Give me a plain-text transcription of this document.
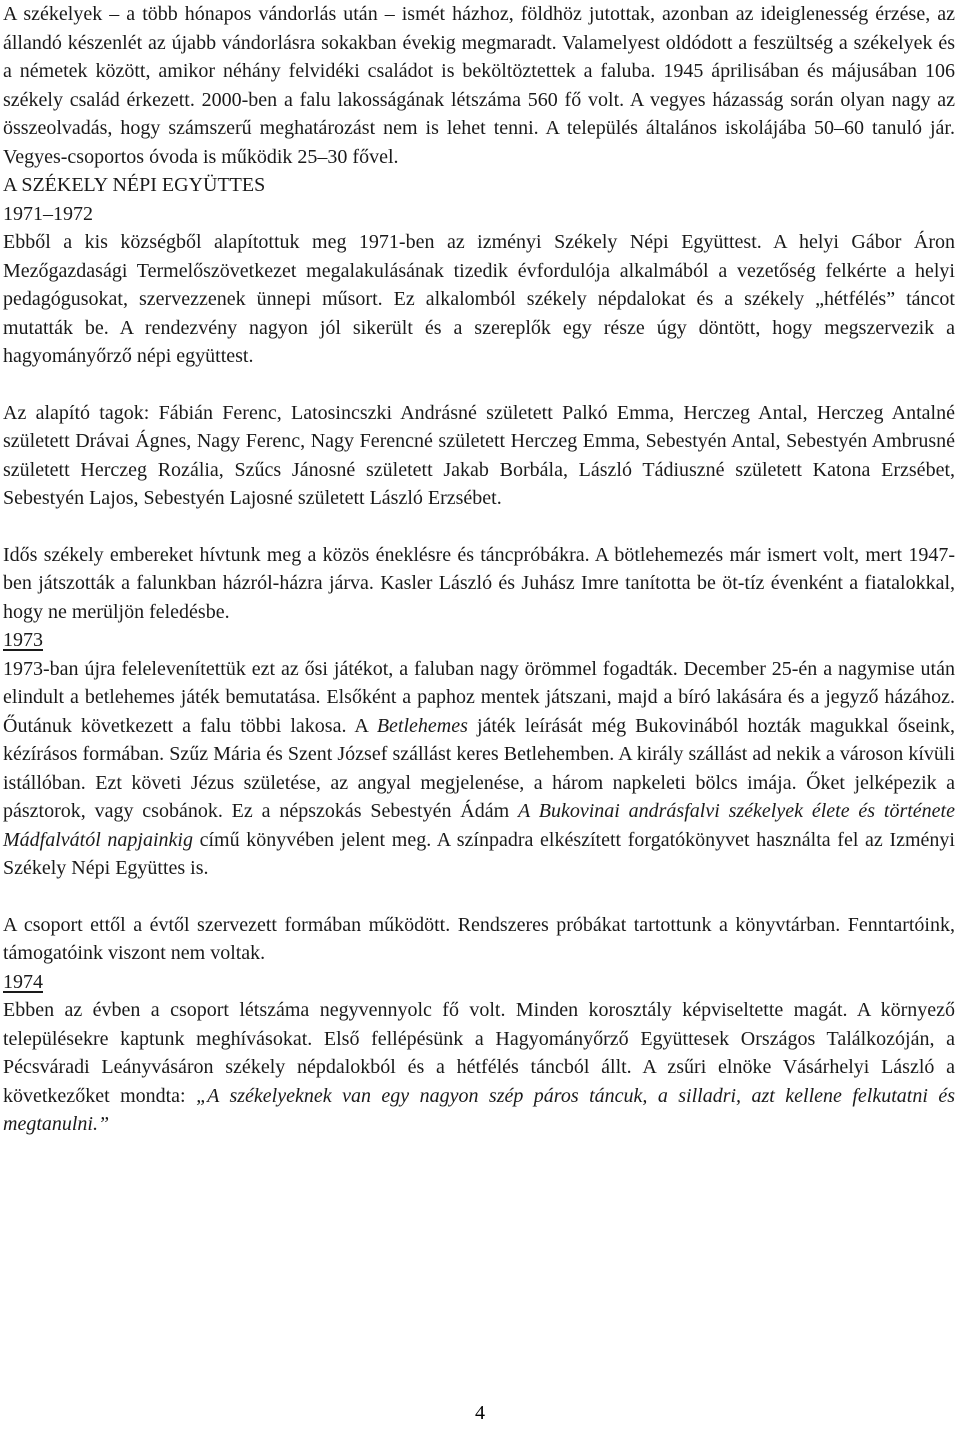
A székelyek – a több hónapos vándorlás után – ismét házhoz, földhöz jutottak, azonban az ideiglenesség érzése, az állandó készenlét az újabb vándorlásra sokakban évekig megmaradt. Valamelyest oldódott a feszültség a székelyek és a németek között, amikor néhány felvidéki családot is beköltöztettek a faluba. 1945 áprilisában és májusában 106 székely család érkezett. 2000-ben a falu lakosságának létszáma 560 fő volt. A vegyes házasság során olyan nagy az összeolvadás, hogy számszerű meghatározást nem is lehet tenni. A település általános iskolájába 50–60 tanuló jár. Vegyes-csoportos óvoda is működik 25–30 fővel.

A SZÉKELY NÉPI EGYÜTTES

1971–1972

Ebből a kis községből alapítottuk meg 1971-ben az izményi Székely Népi Együttest. A helyi Gábor Áron Mezőgazdasági Termelőszövetkezet megalakulásának tizedik évfordulója alkalmából a vezetőség felkérte a helyi pedagógusokat, szervezzenek ünnepi műsort. Ez alkalomból székely népdalokat és a székely „hétfélés” táncot mutatták be. A rendezvény nagyon jól sikerült és a szereplők egy része úgy döntött, hogy megszervezik a hagyományőrző népi együttest.

Az alapító tagok: Fábián Ferenc, Latosincszki Andrásné született Palkó Emma, Herczeg Antal, Herczeg Antalné született Drávai Ágnes, Nagy Ferenc, Nagy Ferencné született Herczeg Emma, Sebestyén Antal, Sebestyén Ambrusné született Herczeg Rozália, Szűcs Jánosné született Jakab Borbála, László Tádiuszné született Katona Erzsébet, Sebestyén Lajos, Sebestyén Lajosné született László Erzsébet.

Idős székely embereket hívtunk meg a közös éneklésre és táncpróbákra. A bötlehemezés már ismert volt, mert 1947-ben játszották a falunkban házról-házra járva. Kasler László és Juhász Imre tanította be öt-tíz évenként a fiatalokkal, hogy ne merüljön feledésbe.

1973

1973-ban újra felelevenítettük ezt az ősi játékot, a faluban nagy örömmel fogadták. December 25-én a nagymise után elindult a betlehemes játék bemutatása. Elsőként a paphoz mentek játszani, majd a bíró lakására és a jegyző házához. Őutánuk következett a falu többi lakosa. A Betlehemes játék leírását még Bukovinából hozták magukkal őseink, kézírásos formában. Szűz Mária és Szent József szállást keres Betlehemben. A király szállást ad nekik a városon kívüli istállóban. Ezt követi Jézus születése, az angyal megjelenése, a három napkeleti bölcs imája. Őket jelképezik a pásztorok, vagy csobánok. Ez a népszokás Sebestyén Ádám A Bukovinai andrásfalvi székelyek élete és története Mádfalvától napjainkig című könyvében jelent meg. A színpadra elkészített forgatókönyvet használta fel az Izményi Székely Népi Együttes is.

A csoport ettől a évtől szervezett formában működött. Rendszeres próbákat tartottunk a könyvtárban. Fenntartóink, támogatóink viszont nem voltak.

1974

Ebben az évben a csoport létszáma negyvennyolc fő volt. Minden korosztály képviseltette magát. A környező településekre kaptunk meghívásokat. Első fellépésünk a Hagyományőrző Együttesek Országos Találkozóján, a Pécsváradi Leányvásáron székely népdalokból és a hétfélés táncból állt. A zsűri elnöke Vásárhelyi László a következőket mondta: „A székelyeknek van egy nagyon szép páros táncuk, a silladri, azt kellene felkutatni és megtanulni.”

4
